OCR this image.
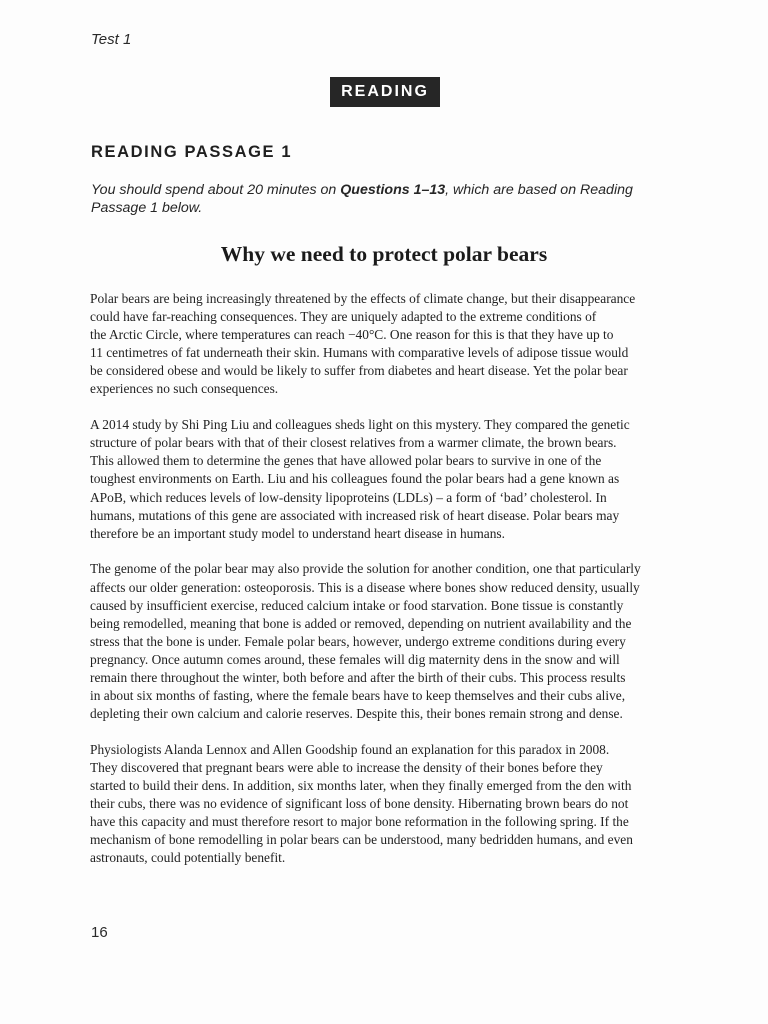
Test 1
READING
READING PASSAGE 1
You should spend about 20 minutes on Questions 1–13, which are based on Reading
Passage 1 below.
Why we need to protect polar bears

Polar bears are being increasingly threatened by the effects of climate change, but their disappearance
could have far-reaching consequences. They are uniquely adapted to the extreme conditions of
the Arctic Circle, where temperatures can reach −40°C. One reason for this is that they have up to
11 centimetres of fat underneath their skin. Humans with comparative levels of adipose tissue would
be considered obese and would be likely to suffer from diabetes and heart disease. Yet the polar bear
experiences no such consequences.

A 2014 study by Shi Ping Liu and colleagues sheds light on this mystery. They compared the genetic
structure of polar bears with that of their closest relatives from a warmer climate, the brown bears.
This allowed them to determine the genes that have allowed polar bears to survive in one of the
toughest environments on Earth. Liu and his colleagues found the polar bears had a gene known as
APoB, which reduces levels of low-density lipoproteins (LDLs) – a form of ‘bad’ cholesterol. In
humans, mutations of this gene are associated with increased risk of heart disease. Polar bears may
therefore be an important study model to understand heart disease in humans.

The genome of the polar bear may also provide the solution for another condition, one that particularly
affects our older generation: osteoporosis. This is a disease where bones show reduced density, usually
caused by insufficient exercise, reduced calcium intake or food starvation. Bone tissue is constantly
being remodelled, meaning that bone is added or removed, depending on nutrient availability and the
stress that the bone is under. Female polar bears, however, undergo extreme conditions during every
pregnancy. Once autumn comes around, these females will dig maternity dens in the snow and will
remain there throughout the winter, both before and after the birth of their cubs. This process results
in about six months of fasting, where the female bears have to keep themselves and their cubs alive,
depleting their own calcium and calorie reserves. Despite this, their bones remain strong and dense.

Physiologists Alanda Lennox and Allen Goodship found an explanation for this paradox in 2008.
They discovered that pregnant bears were able to increase the density of their bones before they
started to build their dens. In addition, six months later, when they finally emerged from the den with
their cubs, there was no evidence of significant loss of bone density. Hibernating brown bears do not
have this capacity and must therefore resort to major bone reformation in the following spring. If the
mechanism of bone remodelling in polar bears can be understood, many bedridden humans, and even
astronauts, could potentially benefit.

16
